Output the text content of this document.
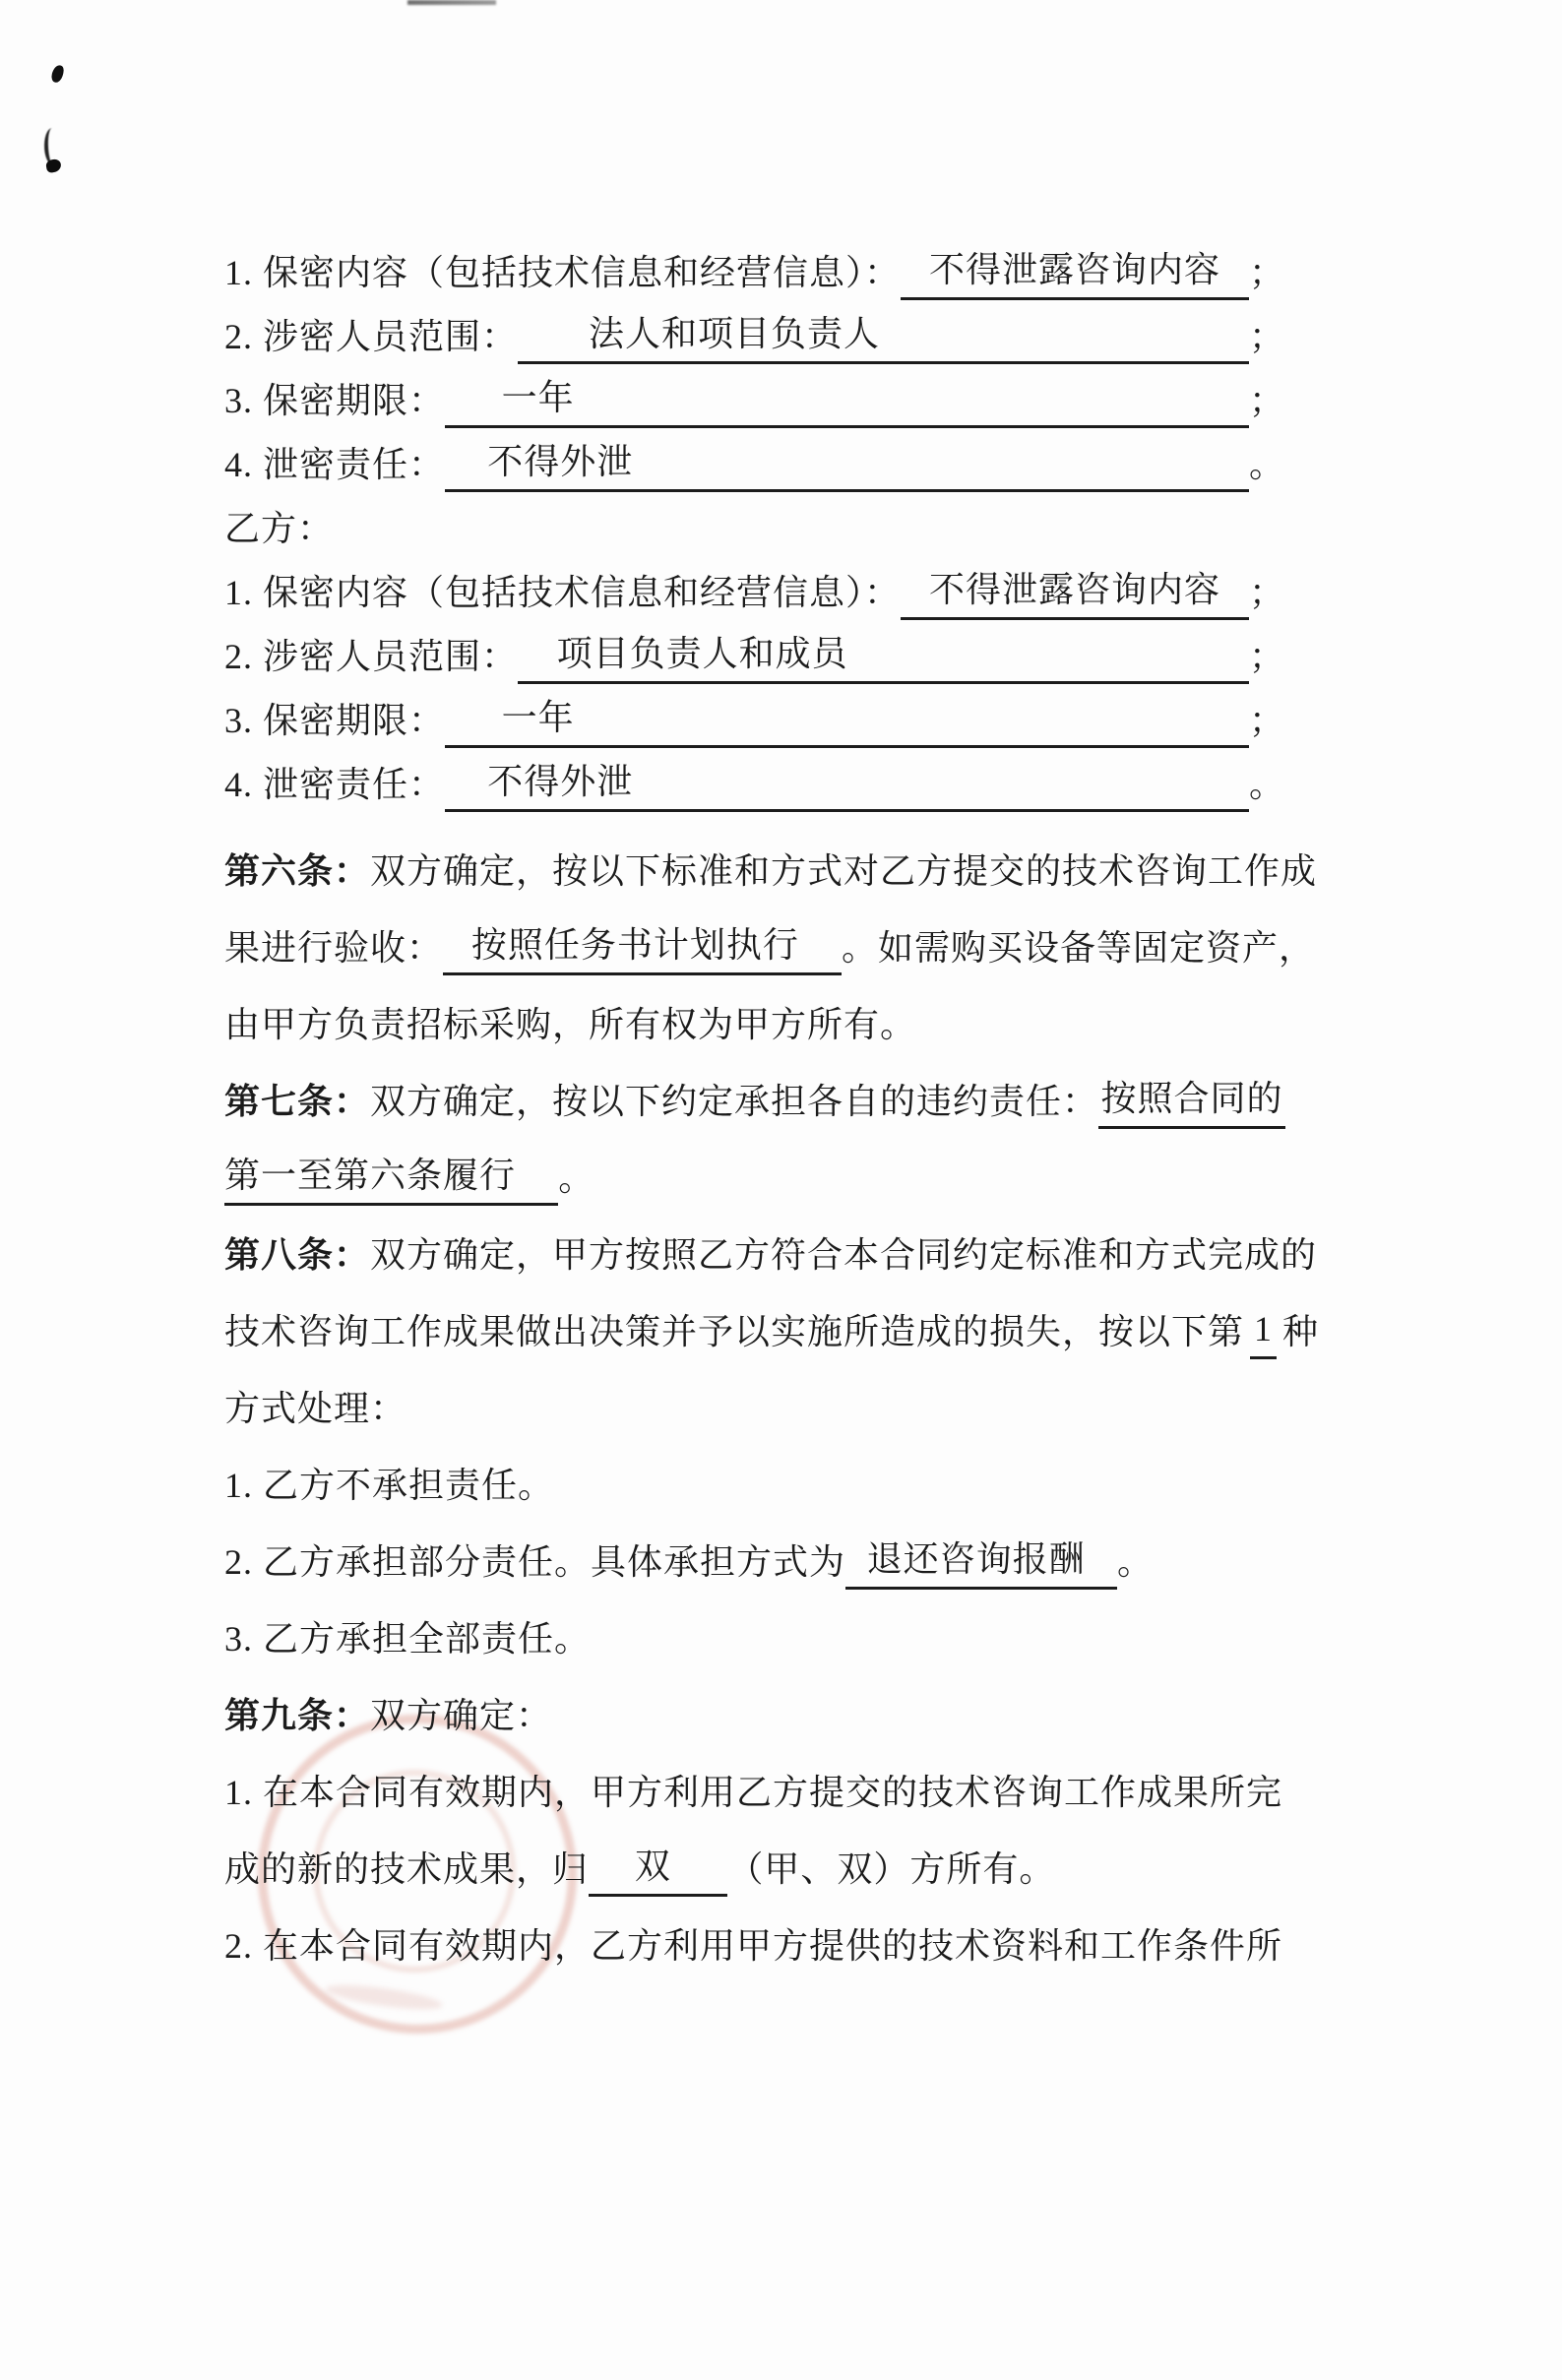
1. 保密内容（包括技术信息和经营信息）： 不得泄露咨询内容 ；
2. 涉密人员范围：	法人和项目负责人	；
3. 保密期限：	一年	；
4. 泄密责任：	不得外泄	。
乙方：
1. 保密内容（包括技术信息和经营信息）： 不得泄露咨询内容 ；
2. 涉密人员范围：	项目负责人和成员	；
3. 保密期限：	一年	；
4. 泄密责任：	不得外泄	。
第六条： 双方确定，按以下标准和方式对乙方提交的技术咨询工作成
果进行验收： 按照任务书计划执行	。如需购买设备等固定资产，
由甲方负责招标采购，所有权为甲方所有。
第七条： 双方确定，按以下约定承担各自的违约责任： 按照合同的
第一至第六条履行	。
第八条： 双方确定，甲方按照乙方符合本合同约定标准和方式完成的
技术咨询工作成果做出决策并予以实施所造成的损失，按以下第 1 种
方式处理：
1. 乙方不承担责任。
2. 乙方承担部分责任。具体承担方式为 退还咨询报酬 。
3. 乙方承担全部责任。
第九条： 双方确定：
1. 在本合同有效期内，甲方利用乙方提交的技术咨询工作成果所完
成的新的技术成果，归	双	（甲、双）方所有。
2. 在本合同有效期内，乙方利用甲方提供的技术资料和工作条件所
